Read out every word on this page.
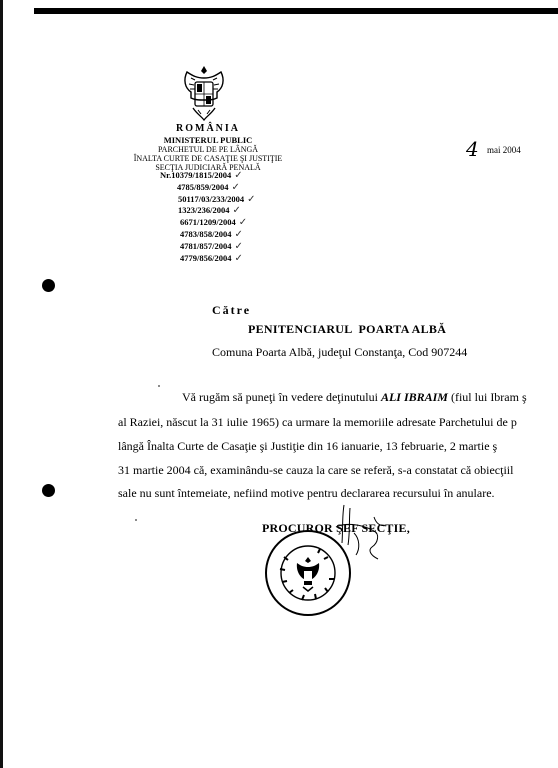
ROMÂNIA
MINISTERUL PUBLIC
PARCHETUL DE PE LÂNGĂ
ÎNALTA CURTE DE CASAŢIE ŞI JUSTIŢIE
SECŢIA JUDICIARĂ PENALĂ
Nr.10379/1815/2004 ✓
4785/859/2004 ✓
50117/03/233/2004 ✓
1323/236/2004 ✓
6671/1209/2004 ✓
4783/858/2004 ✓
4781/857/2004 ✓
4779/856/2004 ✓
4 mai 2004
Către
PENITENCIARUL  POARTA ALBĂ
Comuna Poarta Albă, judeţul Constanţa, Cod 907244
Vă rugăm să puneţi în vedere deţinutului ALI IBRAIM (fiul lui Ibram ş
al Raziei, născut la 31 iulie 1965) ca urmare la memoriile adresate Parchetului de p
lângă Înalta Curte de Casaţie şi Justiţie din 16 ianuarie, 13 februarie, 2 martie ş
31 martie 2004 că, examinându-se cauza la care se referă, s-a constatat că obiecţiil
sale nu sunt întemeiate, nefiind motive pentru declararea recursului în anulare.
PROCUROR ŞEF SECŢIE,
